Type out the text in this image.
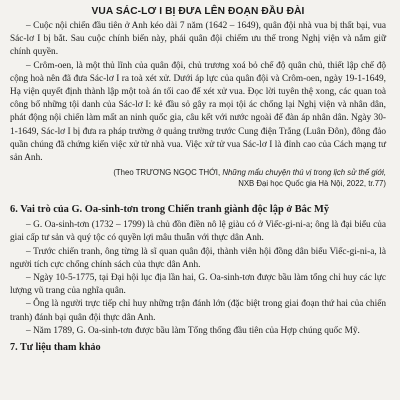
VUA SÁC-LƠ I BỊ ĐƯA LÊN ĐOẠN ĐẦU ĐÀI

– Cuộc nội chiến đầu tiên ở Anh kéo dài 7 năm (1642 – 1649), quân đội nhà vua bị thất bại, vua Sác-lơ I bị bắt. Sau cuộc chính biến này, phái quân đội chiếm ưu thế trong Nghị viện và nắm giữ chính quyền.

– Crôm-oen, là một thủ lĩnh của quân đội, chủ trương xoá bỏ chế độ quân chủ, thiết lập chế độ cộng hoà nên đã đưa Sác-lơ I ra toà xét xử. Dưới áp lực của quân đội và Crôm-oen, ngày 19-1-1649, Hạ viện quyết định thành lập một toà án tối cao để xét xử vua. Đọc lời tuyên thệ xong, các quan toà công bố những tội danh của Sác-lơ I: kẻ đầu sỏ gây ra mọi tội ác chống lại Nghị viện và nhân dân, phát động nội chiến làm mất an ninh quốc gia, câu kết với nước ngoài để đàn áp nhân dân. Ngày 30-1-1649, Sác-lơ I bị đưa ra pháp trường ở quảng trường trước Cung điện Trắng (Luân Đôn), đông đảo quần chúng đã chứng kiến việc xử tử nhà vua. Việc xử tử vua Sác-lơ I là đỉnh cao của Cách mạng tư sản Anh.

(Theo TRƯƠNG NGỌC THỚI, Những mẩu chuyện thú vị trong lịch sử thế giới,
NXB Đại học Quốc gia Hà Nội, 2022, tr.77)
6. Vai trò của G. Oa-sinh-tơn trong Chiến tranh giành độc lập ở Bắc Mỹ

– G. Oa-sinh-tơn (1732 – 1799) là chủ đồn điền nô lệ giàu có ở Viếc-gi-ni-a; ông là đại biểu của giai cấp tư sản và quý tộc có quyền lợi mâu thuẫn với thực dân Anh.

– Trước chiến tranh, ông từng là sĩ quan quân đội, thành viên hội đồng dân biểu Viếc-gi-ni-a, là người tích cực chống chính sách của thực dân Anh.

– Ngày 10-5-1775, tại Đại hội lục địa lần hai, G. Oa-sinh-tơn được bầu làm tổng chỉ huy các lực lượng vũ trang của nghĩa quân.

– Ông là người trực tiếp chỉ huy những trận đánh lớn (đặc biệt trong giai đoạn thứ hai của chiến tranh) đánh bại quân đội thực dân Anh.

– Năm 1789, G. Oa-sinh-tơn được bầu làm Tổng thống đầu tiên của Hợp chúng quốc Mỹ.

7. Tư liệu tham khảo
